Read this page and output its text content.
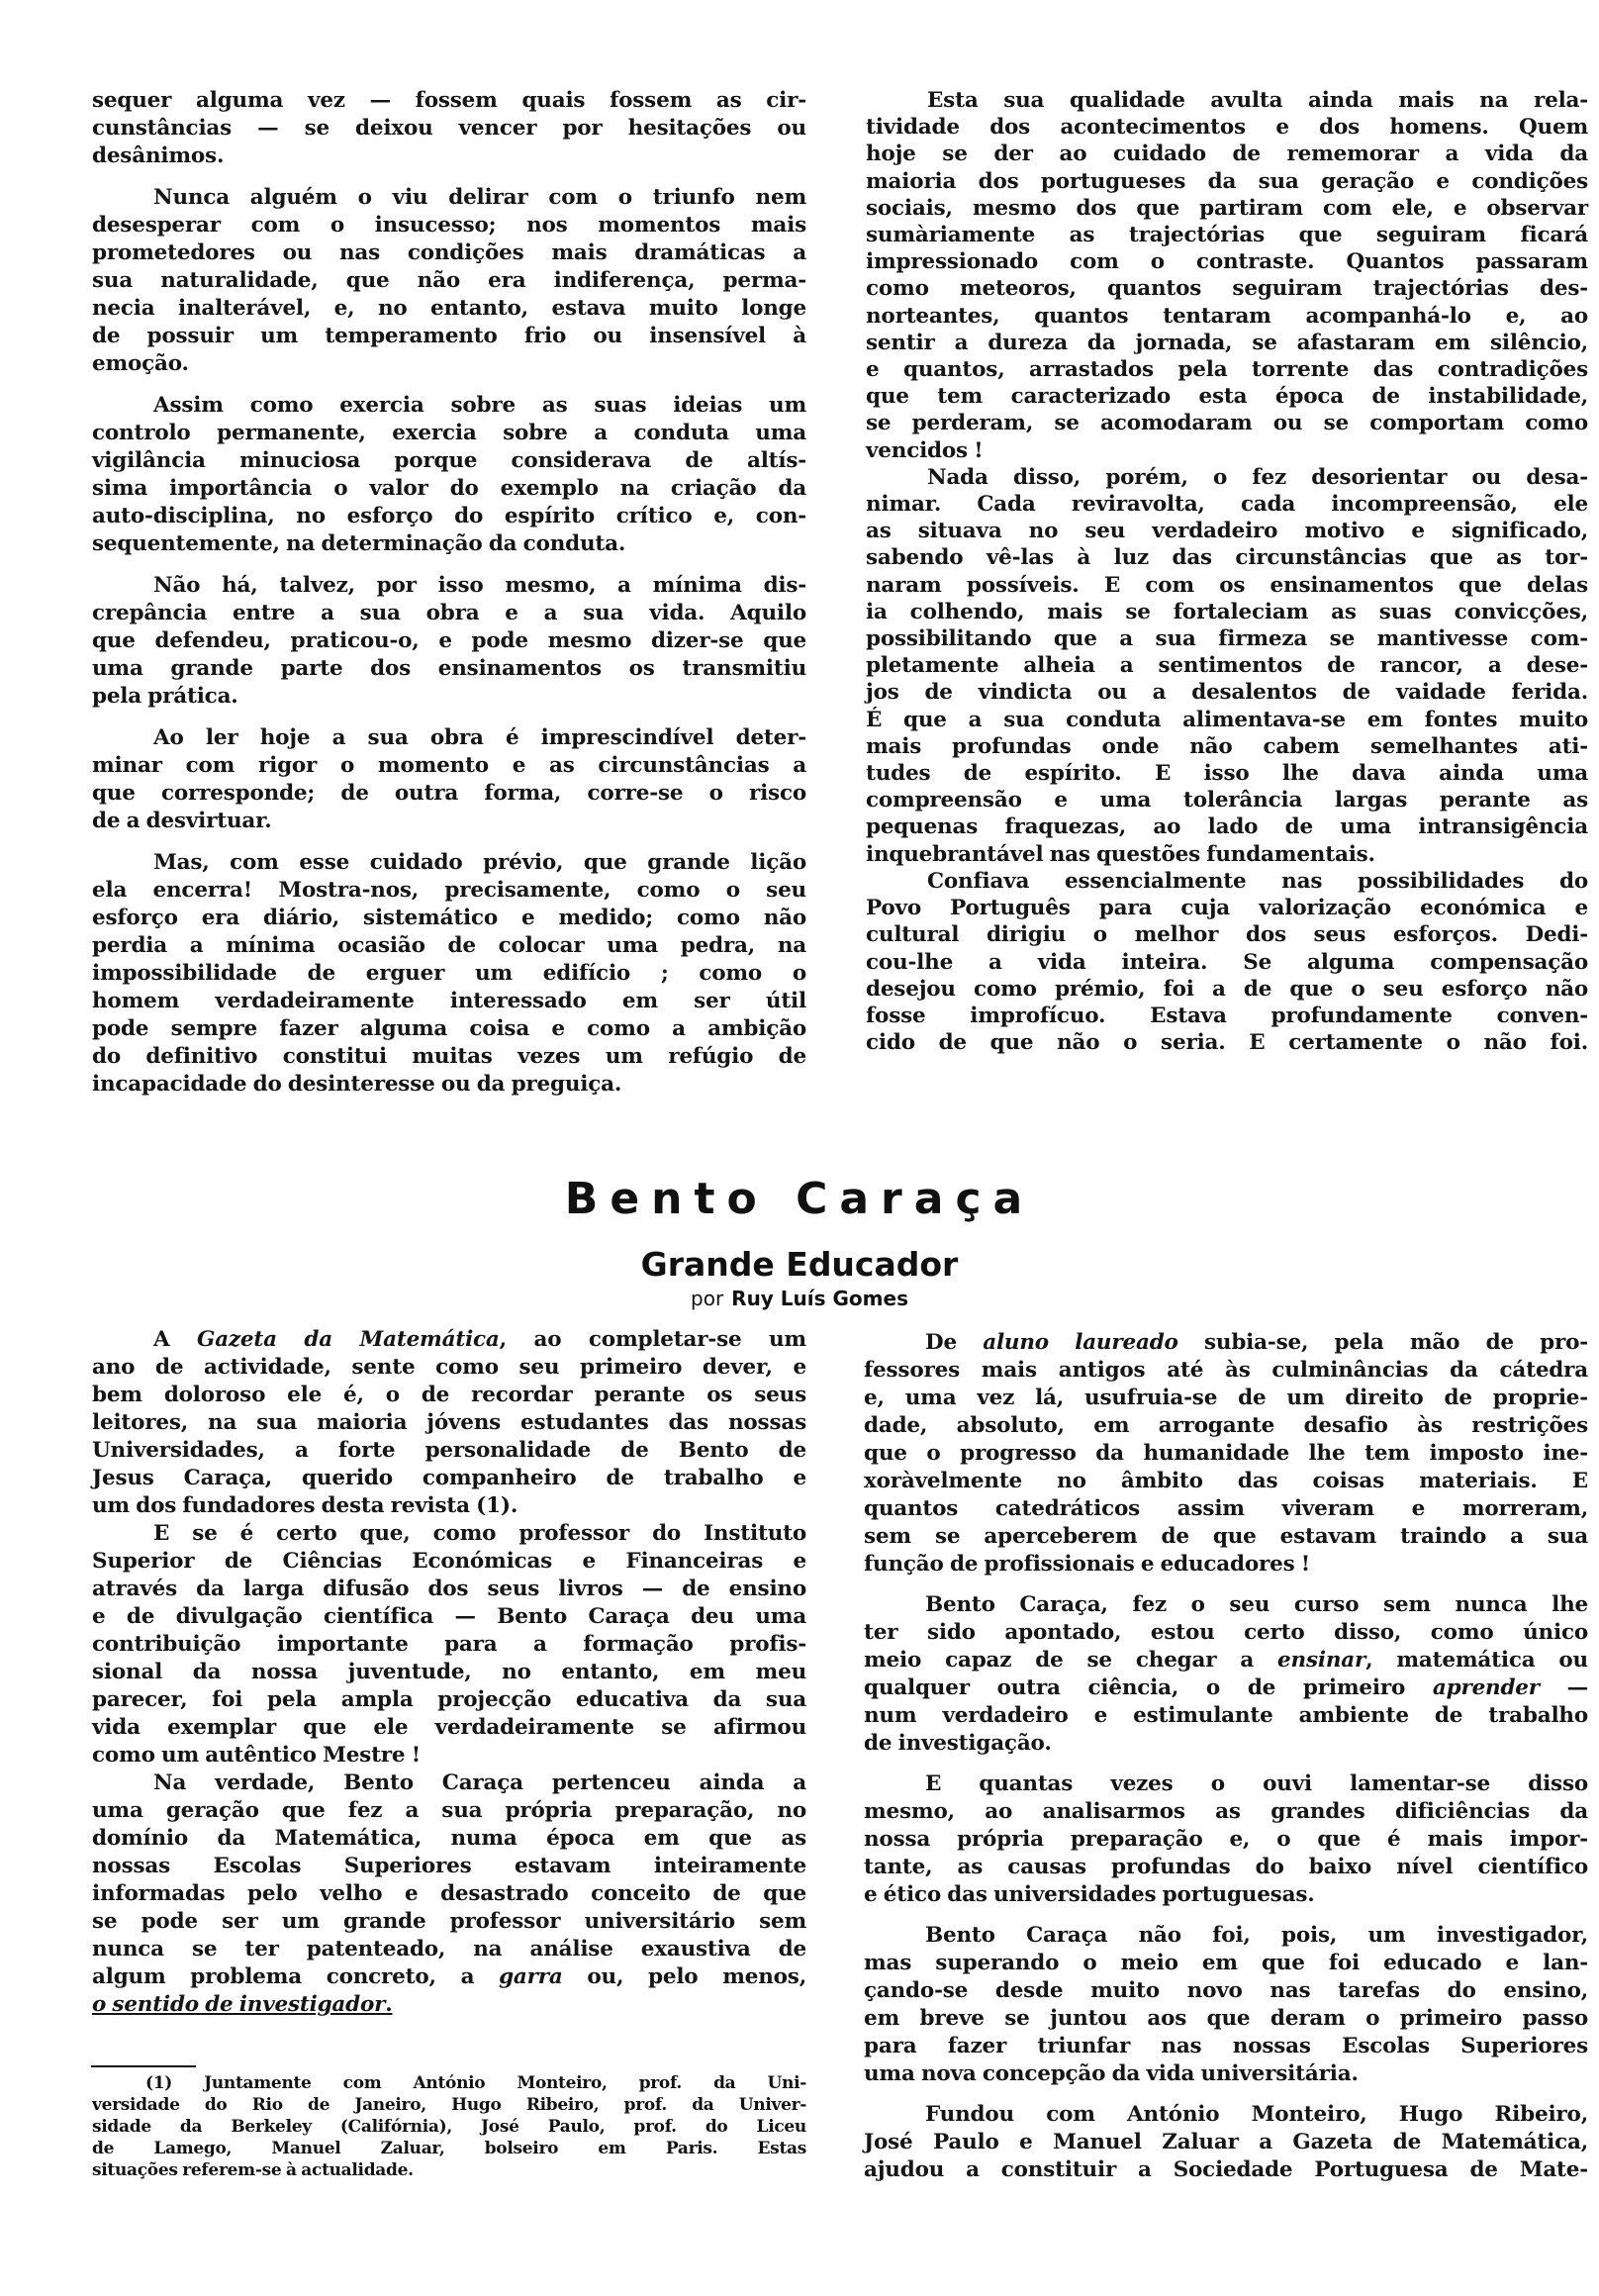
sequer alguma vez — fossem quais fossem as cir-
cunstâncias — se deixou vencer por hesitações ou
desânimos.
Nunca alguém o viu delirar com o triunfo nem
desesperar com o insucesso; nos momentos mais
prometedores ou nas condições mais dramáticas a
sua naturalidade, que não era indiferença, perma-
necia inalterável, e, no entanto, estava muito longe
de possuir um temperamento frio ou insensível à
emoção.
Assim como exercia sobre as suas ideias um
controlo permanente, exercia sobre a conduta uma
vigilância minuciosa porque considerava de altís-
sima importância o valor do exemplo na criação da
auto-disciplina, no esforço do espírito crítico e, con-
sequentemente, na determinação da conduta.
Não há, talvez, por isso mesmo, a mínima dis-
crepância entre a sua obra e a sua vida. Aquilo
que defendeu, praticou-o, e pode mesmo dizer-se que
uma grande parte dos ensinamentos os transmitiu
pela prática.
Ao ler hoje a sua obra é imprescindível deter-
minar com rigor o momento e as circunstâncias a
que corresponde; de outra forma, corre-se o risco
de a desvirtuar.
Mas, com esse cuidado prévio, que grande lição
ela encerra! Mostra-nos, precisamente, como o seu
esforço era diário, sistemático e medido; como não
perdia a mínima ocasião de colocar uma pedra, na
impossibilidade de erguer um edifício ; como o
homem verdadeiramente interessado em ser útil
pode sempre fazer alguma coisa e como a ambição
do definitivo constitui muitas vezes um refúgio de
incapacidade do desinteresse ou da preguiça.
Esta sua qualidade avulta ainda mais na rela-
tividade dos acontecimentos e dos homens. Quem
hoje se der ao cuidado de rememorar a vida da
maioria dos portugueses da sua geração e condições
sociais, mesmo dos que partiram com ele, e observar
sumàriamente as trajectórias que seguiram ficará
impressionado com o contraste. Quantos passaram
como meteoros, quantos seguiram trajectórias des-
norteantes, quantos tentaram acompanhá-lo e, ao
sentir a dureza da jornada, se afastaram em silêncio,
e quantos, arrastados pela torrente das contradições
que tem caracterizado esta época de instabilidade,
se perderam, se acomodaram ou se comportam como
vencidos !
Nada disso, porém, o fez desorientar ou desa-
nimar. Cada reviravolta, cada incompreensão, ele
as situava no seu verdadeiro motivo e significado,
sabendo vê-las à luz das circunstâncias que as tor-
naram possíveis. E com os ensinamentos que delas
ia colhendo, mais se fortaleciam as suas convicções,
possibilitando que a sua firmeza se mantivesse com-
pletamente alheia a sentimentos de rancor, a dese-
jos de vindicta ou a desalentos de vaidade ferida.
É que a sua conduta alimentava-se em fontes muito
mais profundas onde não cabem semelhantes ati-
tudes de espírito. E isso lhe dava ainda uma
compreensão e uma tolerância largas perante as
pequenas fraquezas, ao lado de uma intransigência
inquebrantável nas questões fundamentais.
Confiava essencialmente nas possibilidades do
Povo Português para cuja valorização económica e
cultural dirigiu o melhor dos seus esforços. Dedi-
cou-lhe a vida inteira. Se alguma compensação
desejou como prémio, foi a de que o seu esforço não
fosse improfícuo. Estava profundamente conven-
cido de que não o seria. E certamente o não foi.
Bento Caraça
Grande Educador
por Ruy Luís Gomes
A Gazeta da Matemática, ao completar-se um
ano de actividade, sente como seu primeiro dever, e
bem doloroso ele é, o de recordar perante os seus
leitores, na sua maioria jóvens estudantes das nossas
Universidades, a forte personalidade de Bento de
Jesus Caraça, querido companheiro de trabalho e
um dos fundadores desta revista (1).
E se é certo que, como professor do Instituto
Superior de Ciências Económicas e Financeiras e
através da larga difusão dos seus livros — de ensino
e de divulgação científica — Bento Caraça deu uma
contribuição importante para a formação profis-
sional da nossa juventude, no entanto, em meu
parecer, foi pela ampla projecção educativa da sua
vida exemplar que ele verdadeiramente se afirmou
como um autêntico Mestre !
Na verdade, Bento Caraça pertenceu ainda a
uma geração que fez a sua própria preparação, no
domínio da Matemática, numa época em que as
nossas Escolas Superiores estavam inteiramente
informadas pelo velho e desastrado conceito de que
se pode ser um grande professor universitário sem
nunca se ter patenteado, na análise exaustiva de
algum problema concreto, a garra ou, pelo menos,
o sentido de investigador.
(1) Juntamente com António Monteiro, prof. da Uni-
versidade do Rio de Janeiro, Hugo Ribeiro, prof. da Univer-
sidade da Berkeley (Califórnia), José Paulo, prof. do Liceu
de Lamego, Manuel Zaluar, bolseiro em Paris. Estas
situações referem-se à actualidade.
De aluno laureado subia-se, pela mão de pro-
fessores mais antigos até às culminâncias da cátedra
e, uma vez lá, usufruia-se de um direito de proprie-
dade, absoluto, em arrogante desafio às restrições
que o progresso da humanidade lhe tem imposto ine-
xoràvelmente no âmbito das coisas materiais. E
quantos catedráticos assim viveram e morreram,
sem se aperceberem de que estavam traindo a sua
função de profissionais e educadores !
Bento Caraça, fez o seu curso sem nunca lhe
ter sido apontado, estou certo disso, como único
meio capaz de se chegar a ensinar, matemática ou
qualquer outra ciência, o de primeiro aprender —
num verdadeiro e estimulante ambiente de trabalho
de investigação.
E quantas vezes o ouvi lamentar-se disso
mesmo, ao analisarmos as grandes dificiências da
nossa própria preparação e, o que é mais impor-
tante, as causas profundas do baixo nível científico
e ético das universidades portuguesas.
Bento Caraça não foi, pois, um investigador,
mas superando o meio em que foi educado e lan-
çando-se desde muito novo nas tarefas do ensino,
em breve se juntou aos que deram o primeiro passo
para fazer triunfar nas nossas Escolas Superiores
uma nova concepção da vida universitária.
Fundou com António Monteiro, Hugo Ribeiro,
José Paulo e Manuel Zaluar a Gazeta de Matemática,
ajudou a constituir a Sociedade Portuguesa de Mate-
